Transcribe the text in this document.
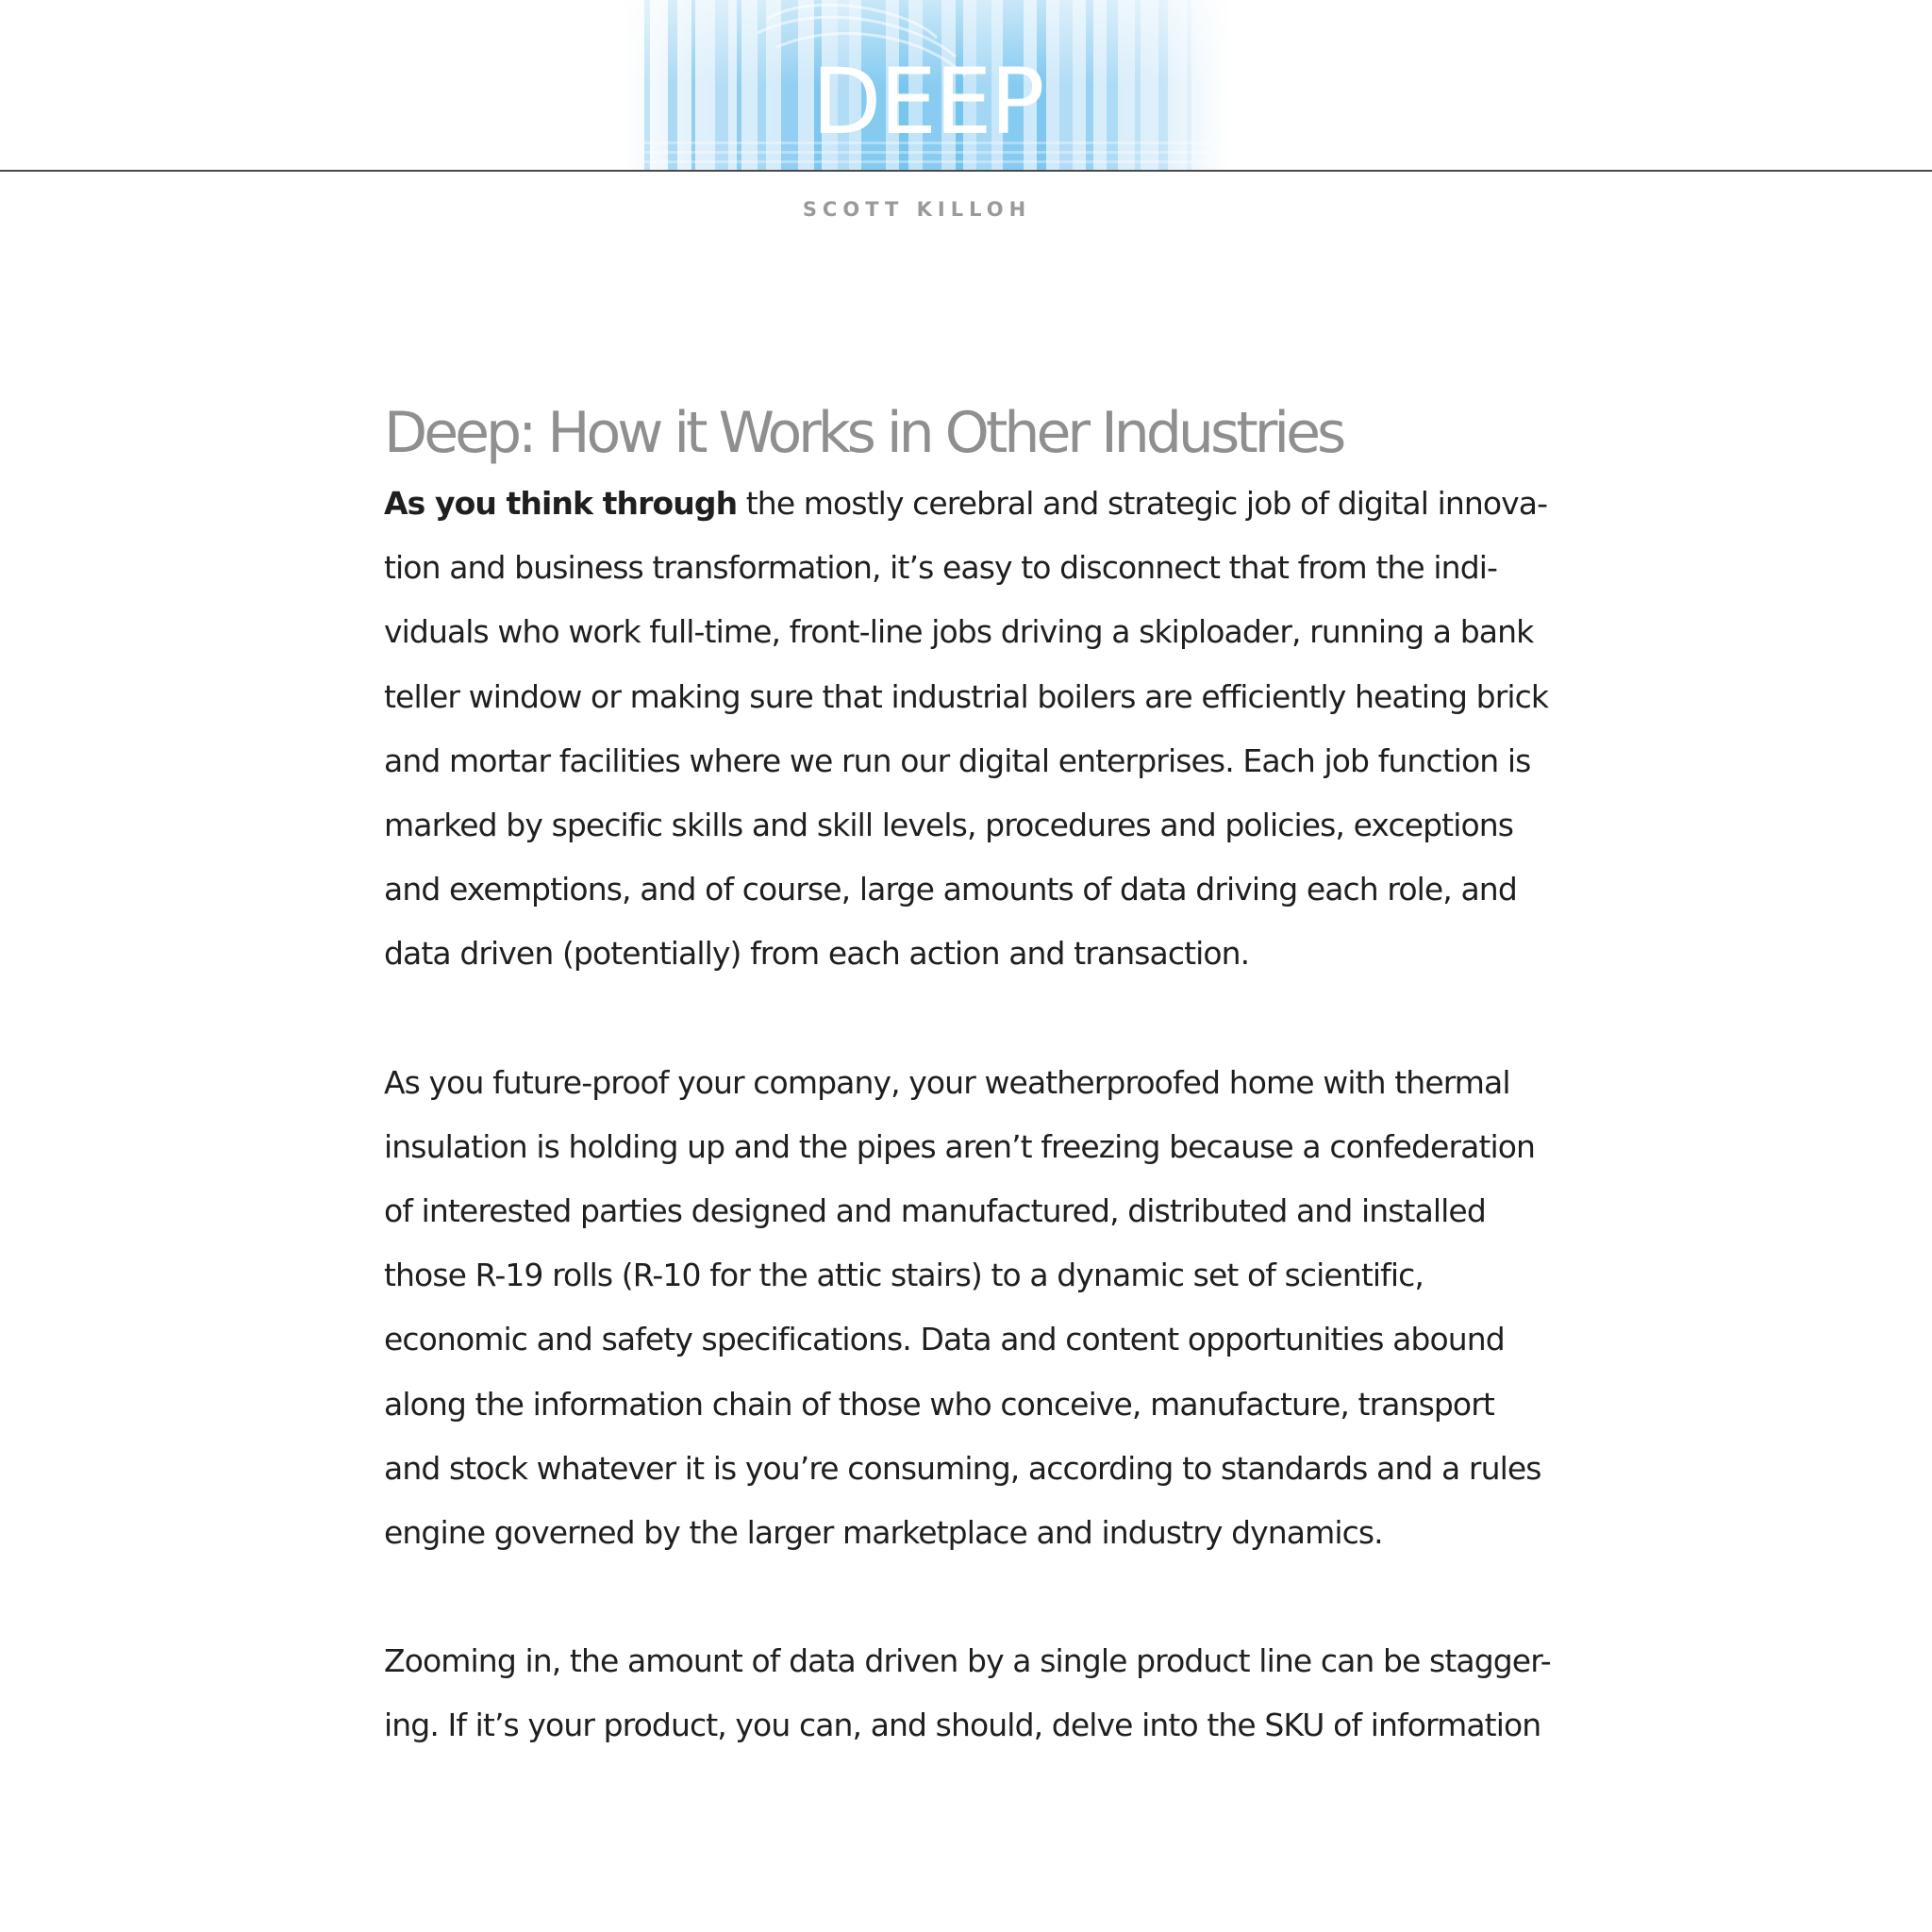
DEEP
SCOTT KILLOH
Deep: How it Works in Other Industries

As you think through the mostly cerebral and strategic job of digital innova-
tion and business transformation, it’s easy to disconnect that from the indi-
viduals who work full-time, front-line jobs driving a skiploader, running a bank
teller window or making sure that industrial boilers are efficiently heating brick
and mortar facilities where we run our digital enterprises. Each job function is
marked by specific skills and skill levels, procedures and policies, exceptions
and exemptions, and of course, large amounts of data driving each role, and
data driven (potentially) from each action and transaction.

As you future-proof your company, your weatherproofed home with thermal
insulation is holding up and the pipes aren’t freezing because a confederation
of interested parties designed and manufactured, distributed and installed
those R-19 rolls (R-10 for the attic stairs) to a dynamic set of scientific,
economic and safety specifications. Data and content opportunities abound
along the information chain of those who conceive, manufacture, transport
and stock whatever it is you’re consuming, according to standards and a rules
engine governed by the larger marketplace and industry dynamics.

Zooming in, the amount of data driven by a single product line can be stagger-
ing. If it’s your product, you can, and should, delve into the SKU of information
